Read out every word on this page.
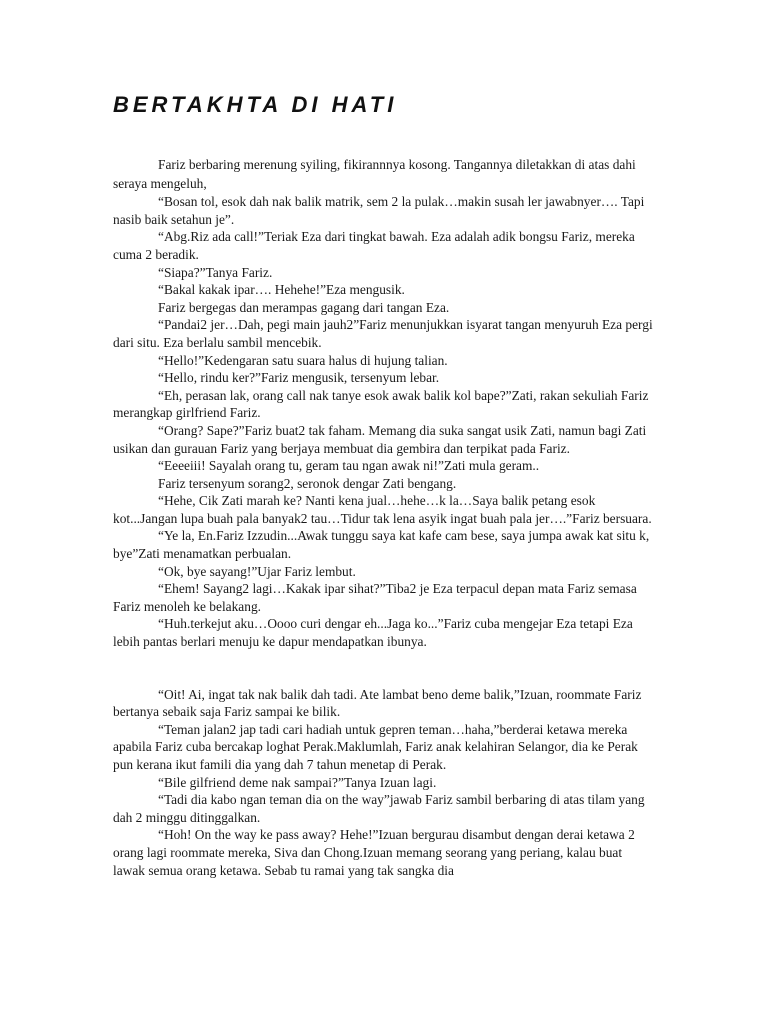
BERTAKHTA DI HATI

Fariz berbaring merenung syiling, fikirannnya kosong. Tangannya diletakkan di atas dahi seraya mengeluh,

“Bosan tol, esok dah nak balik matrik, sem 2 la pulak…makin susah ler jawabnyer…. Tapi nasib baik setahun je”.

“Abg.Riz ada call!”Teriak Eza dari tingkat bawah. Eza adalah adik bongsu Fariz, mereka cuma 2 beradik.

“Siapa?”Tanya Fariz.

“Bakal kakak ipar…. Hehehe!”Eza mengusik.

Fariz bergegas dan merampas gagang dari tangan Eza.

“Pandai2 jer…Dah, pegi main jauh2”Fariz menunjukkan isyarat tangan menyuruh Eza pergi dari situ. Eza berlalu sambil mencebik.

“Hello!”Kedengaran satu suara halus di hujung talian.

“Hello, rindu ker?”Fariz mengusik, tersenyum lebar.

“Eh, perasan lak, orang call nak tanye esok awak balik kol bape?”Zati, rakan sekuliah Fariz merangkap girlfriend Fariz.

“Orang? Sape?”Fariz buat2 tak faham. Memang dia suka sangat usik Zati, namun bagi Zati usikan dan gurauan Fariz yang berjaya membuat dia gembira dan terpikat pada Fariz.

“Eeeeiii! Sayalah orang tu, geram tau ngan awak ni!”Zati mula geram..

Fariz tersenyum sorang2, seronok dengar Zati bengang.

“Hehe, Cik Zati marah ke? Nanti kena jual…hehe…k la…Saya balik petang esok kot...Jangan lupa buah pala banyak2 tau…Tidur tak lena asyik ingat buah pala jer….”Fariz bersuara.

“Ye la, En.Fariz Izzudin...Awak tunggu saya kat kafe cam bese, saya jumpa awak kat situ k, bye”Zati menamatkan perbualan.

“Ok, bye sayang!”Ujar Fariz lembut.

“Ehem! Sayang2 lagi…Kakak ipar sihat?”Tiba2 je Eza terpacul depan mata Fariz semasa Fariz menoleh ke belakang.

“Huh.terkejut aku…Oooo curi dengar eh...Jaga ko...”Fariz cuba mengejar Eza tetapi Eza lebih pantas berlari menuju ke dapur mendapatkan ibunya.

“Oit! Ai, ingat tak nak balik dah tadi. Ate lambat beno deme balik,”Izuan, roommate Fariz bertanya sebaik saja Fariz sampai ke bilik.

“Teman jalan2 jap tadi cari hadiah untuk gepren teman…haha,”berderai ketawa mereka apabila Fariz cuba bercakap loghat Perak.Maklumlah, Fariz anak kelahiran Selangor, dia ke Perak pun kerana ikut famili dia yang dah 7 tahun menetap di Perak.

“Bile gilfriend deme nak sampai?”Tanya Izuan lagi.

“Tadi dia kabo ngan teman dia on the way”jawab Fariz sambil berbaring di atas tilam yang dah 2 minggu ditinggalkan.

“Hoh! On the way ke pass away? Hehe!”Izuan bergurau disambut dengan derai ketawa 2 orang lagi roommate mereka, Siva dan Chong.Izuan memang seorang yang periang, kalau buat lawak semua orang ketawa. Sebab tu ramai yang tak sangka dia
